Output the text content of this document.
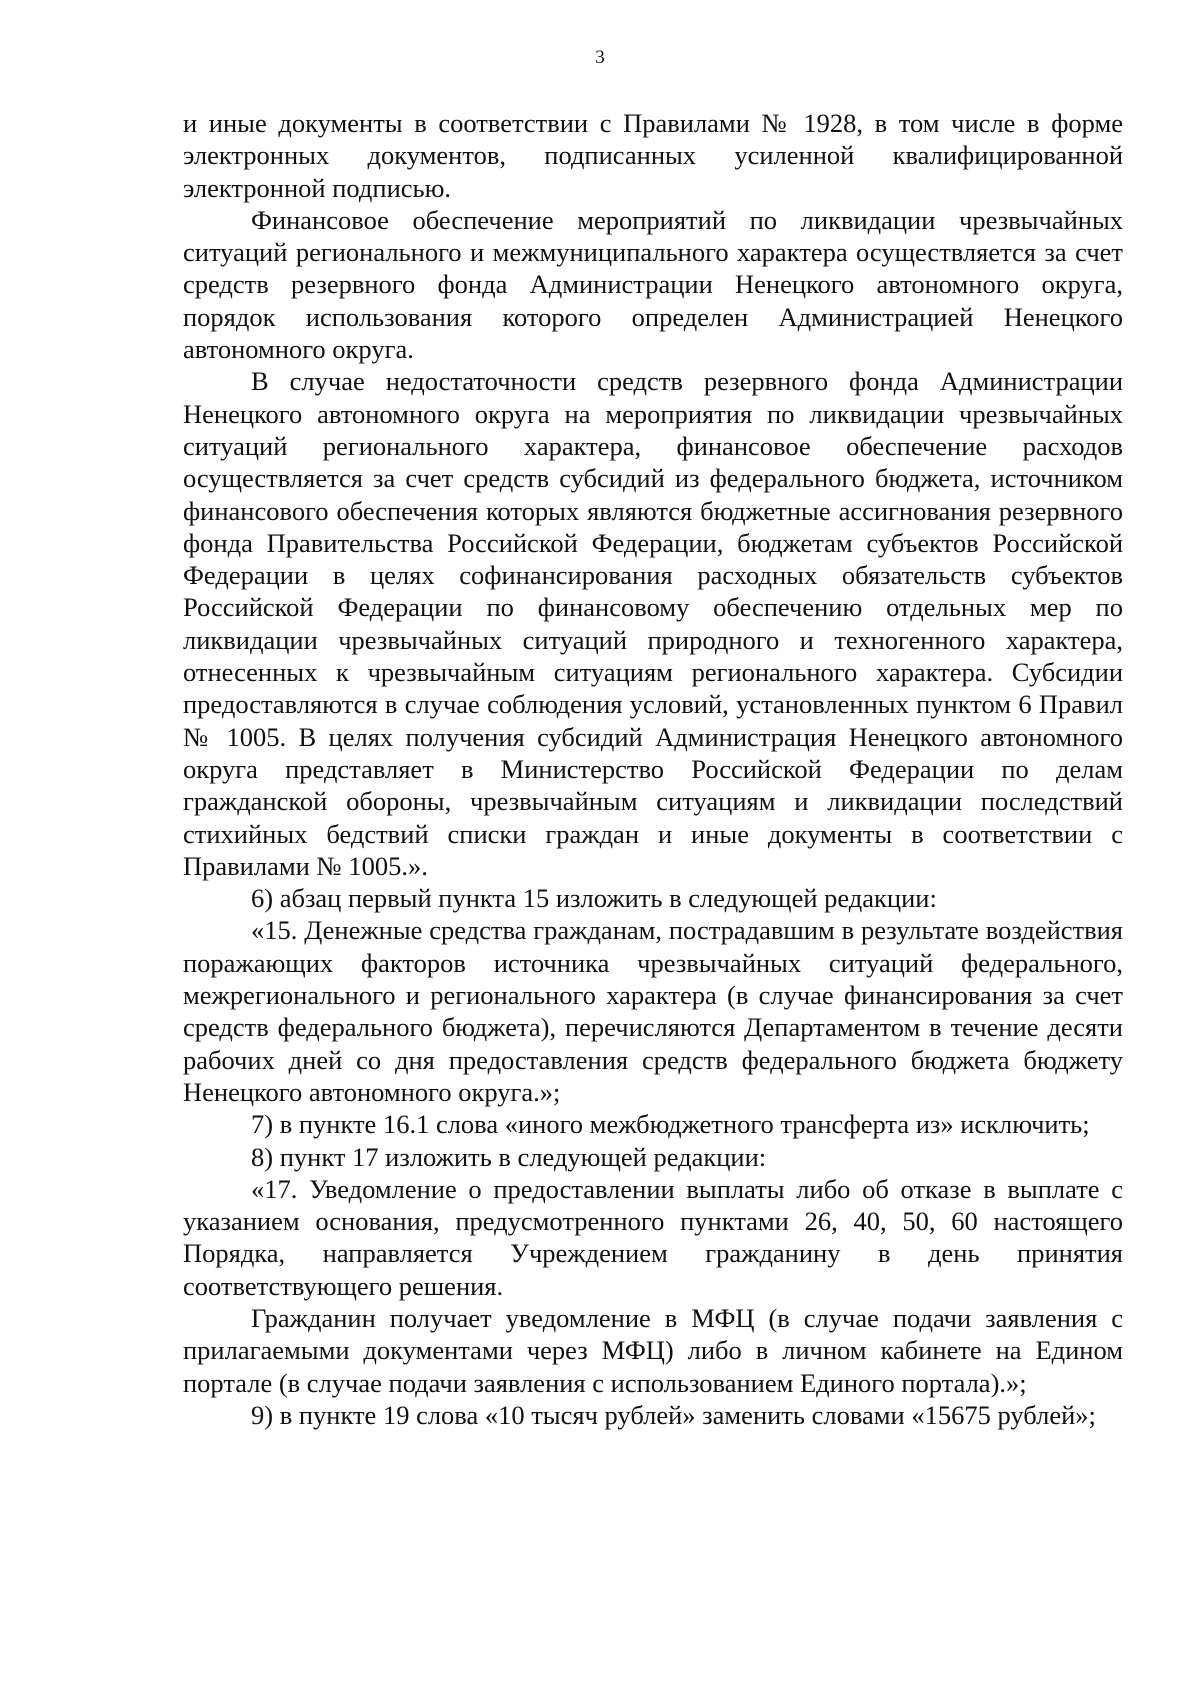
3

и иные документы в соответствии с Правилами № 1928, в том числе в форме электронных документов, подписанных усиленной квалифицированной электронной подписью.

Финансовое обеспечение мероприятий по ликвидации чрезвычайных ситуаций регионального и межмуниципального характера осуществляется за счет средств резервного фонда Администрации Ненецкого автономного округа, порядок использования которого определен Администрацией Ненецкого автономного округа.

В случае недостаточности средств резервного фонда Администрации Ненецкого автономного округа на мероприятия по ликвидации чрезвычайных ситуаций регионального характера, финансовое обеспечение расходов осуществляется за счет средств субсидий из федерального бюджета, источником финансового обеспечения которых являются бюджетные ассигнования резервного фонда Правительства Российской Федерации, бюджетам субъектов Российской Федерации в целях софинансирования расходных обязательств субъектов Российской Федерации по финансовому обеспечению отдельных мер по ликвидации чрезвычайных ситуаций природного и техногенного характера, отнесенных к чрезвычайным ситуациям регионального характера. Субсидии предоставляются в случае соблюдения условий, установленных пунктом 6 Правил № 1005. В целях получения субсидий Администрация Ненецкого автономного округа представляет в Министерство Российской Федерации по делам гражданской обороны, чрезвычайным ситуациям и ликвидации последствий стихийных бедствий списки граждан и иные документы в соответствии с Правилами № 1005.».

6) абзац первый пункта 15 изложить в следующей редакции:

«15. Денежные средства гражданам, пострадавшим в результате воздействия поражающих факторов источника чрезвычайных ситуаций федерального, межрегионального и регионального характера (в случае финансирования за счет средств федерального бюджета), перечисляются Департаментом в течение десяти рабочих дней со дня предоставления средств федерального бюджета бюджету Ненецкого автономного округа.»;

7) в пункте 16.1 слова «иного межбюджетного трансферта из» исключить;

8) пункт 17 изложить в следующей редакции:

«17. Уведомление о предоставлении выплаты либо об отказе в выплате с указанием основания, предусмотренного пунктами 26, 40, 50, 60 настоящего Порядка, направляется Учреждением гражданину в день принятия соответствующего решения.

Гражданин получает уведомление в МФЦ (в случае подачи заявления с прилагаемыми документами через МФЦ) либо в личном кабинете на Едином портале (в случае подачи заявления с использованием Единого портала).»;

9) в пункте 19 слова «10 тысяч рублей» заменить словами «15675 рублей»;
